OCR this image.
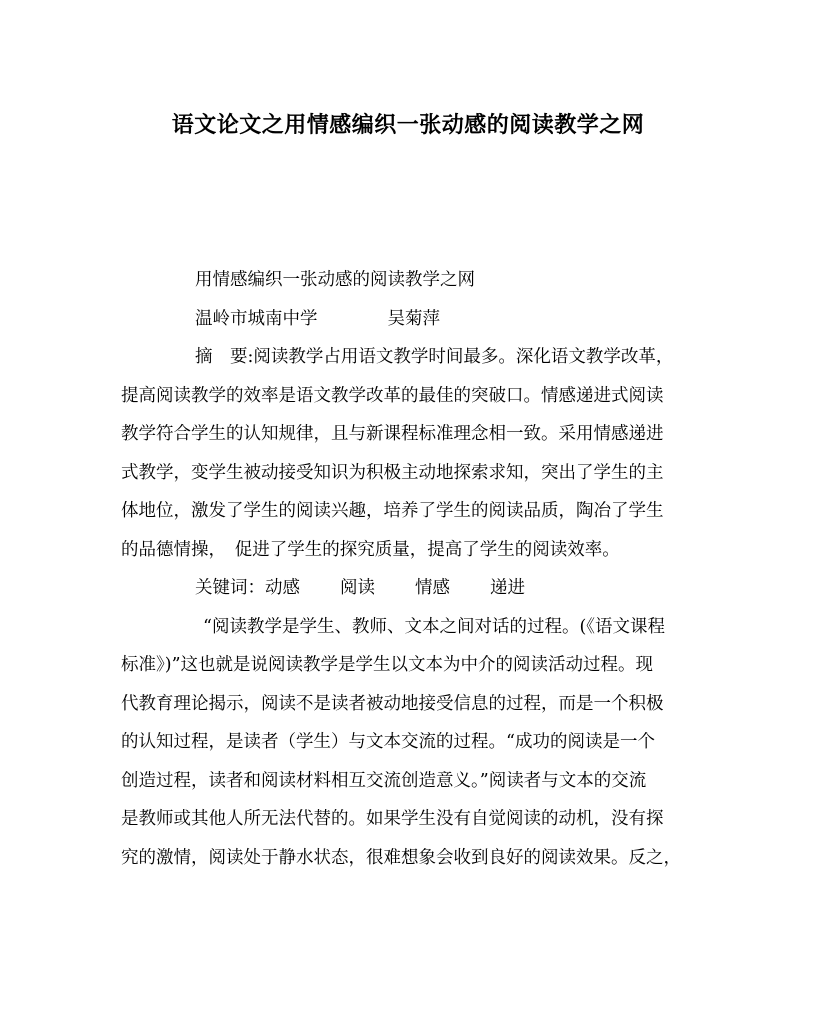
语文论文之用情感编织一张动感的阅读教学之网
用情感编织一张动感的阅读教学之网
温岭市城南中学	吴菊萍
摘　要:阅读教学占用语文教学时间最多。深化语文教学改革，
提高阅读教学的效率是语文教学改革的最佳的突破口。情感递进式阅读
教学符合学生的认知规律，且与新课程标准理念相一致。采用情感递进
式教学，变学生被动接受知识为积极主动地探索求知，突出了学生的主
体地位，激发了学生的阅读兴趣，培养了学生的阅读品质，陶冶了学生
的品德情操，　促进了学生的探究质量，提高了学生的阅读效率。
关键词：动感 阅读 情感 递进
“阅读教学是学生、教师、文本之间对话的过程。(《语文课程
标准》)”这也就是说阅读教学是学生以文本为中介的阅读活动过程。现
代教育理论揭示，阅读不是读者被动地接受信息的过程，而是一个积极
的认知过程，是读者（学生）与文本交流的过程。“成功的阅读是一个
创造过程，读者和阅读材料相互交流创造意义。”阅读者与文本的交流
是教师或其他人所无法代替的。如果学生没有自觉阅读的动机，没有探
究的激情，阅读处于静水状态，很难想象会收到良好的阅读效果。反之，
